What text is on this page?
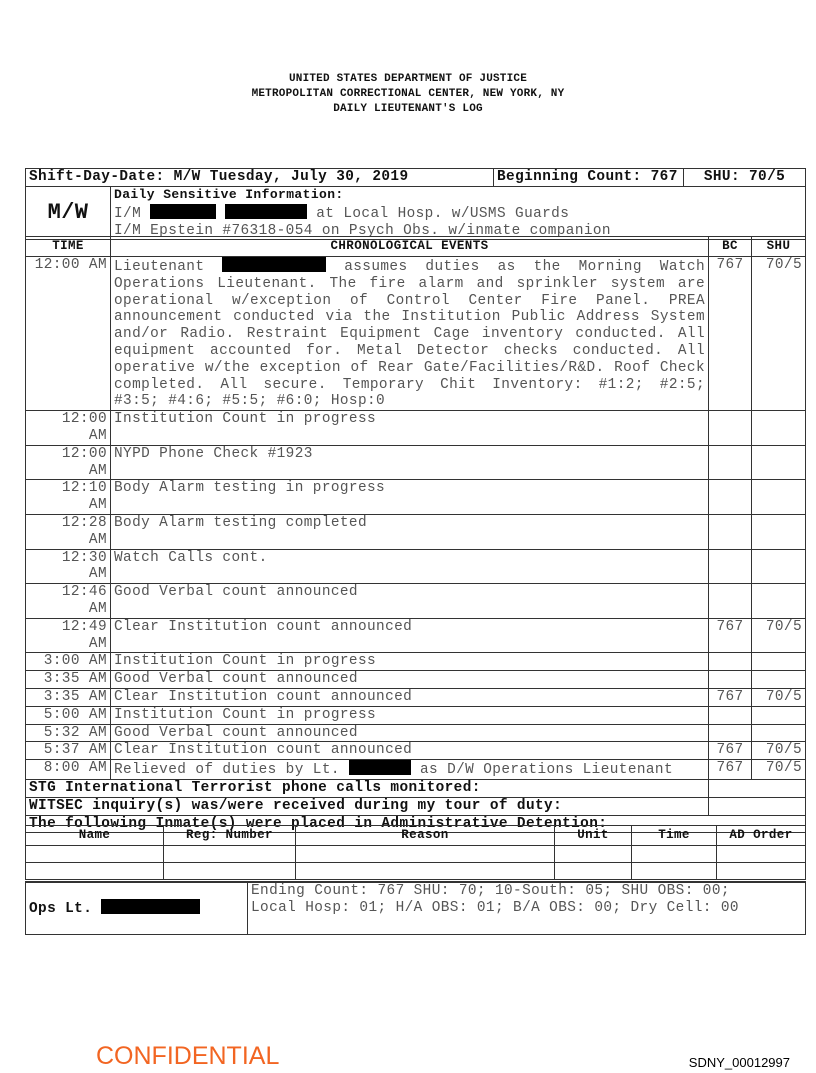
UNITED STATES DEPARTMENT OF JUSTICE
METROPOLITAN CORRECTIONAL CENTER, NEW YORK, NY
DAILY LIEUTENANT'S LOG
Shift-Day-Date: M/W Tuesday, July 30, 2019		Beginning Count: 767	SHU: 70/5
M/W	Daily Sensitive Information:
I/M at Local Hosp. w/USMS Guards
I/M Epstein #76318-054 on Psych Obs. w/inmate companion		
TIME	CHRONOLOGICAL EVENTS	BC	SHU
12:00 AM	Lieutenant assumes duties as the Morning Watch Operations Lieutenant. The fire alarm and sprinkler system are operational w/exception of Control Center Fire Panel. PREA announcement conducted via the Institution Public Address System and/or Radio. Restraint Equipment Cage inventory conducted. All equipment accounted for. Metal Detector checks conducted. All operative w/the exception of Rear Gate/Facilities/R&D. Roof Check completed. All secure. Temporary Chit Inventory: #1:2; #2:5; #3:5; #4:6; #5:5; #6:0; Hosp:0	767	70/5
12:00 AM	Institution Count in progress		
12:00 AM	NYPD Phone Check #1923		
12:10 AM	Body Alarm testing in progress		
12:28 AM	Body Alarm testing completed		
12:30 AM	Watch Calls cont.		
12:46 AM	Good Verbal count announced		
12:49 AM	Clear Institution count announced	767	70/5
3:00 AM	Institution Count in progress		
3:35 AM	Good Verbal count announced		
3:35 AM	Clear Institution count announced	767	70/5
5:00 AM	Institution Count in progress		
5:32 AM	Good Verbal count announced		
5:37 AM	Clear Institution count announced	767	70/5
8:00 AM	Relieved of duties by Lt. as D/W Operations Lieutenant	767	70/5
STG International Terrorist phone calls monitored:			
WITSEC inquiry(s) was/were received during my tour of duty:			
The following Inmate(s) were placed in Administrative Detention:			
Name	Reg: Number	Reason	Unit	Time	AD Order

Ops Lt.	
Ending Count: 767 SHU: 70; 10-South: 05; SHU OBS: 00;
Local Hosp: 01; H/A OBS: 01; B/A OBS: 00; Dry Cell: 00
CONFIDENTIAL	SDNY_00012997
